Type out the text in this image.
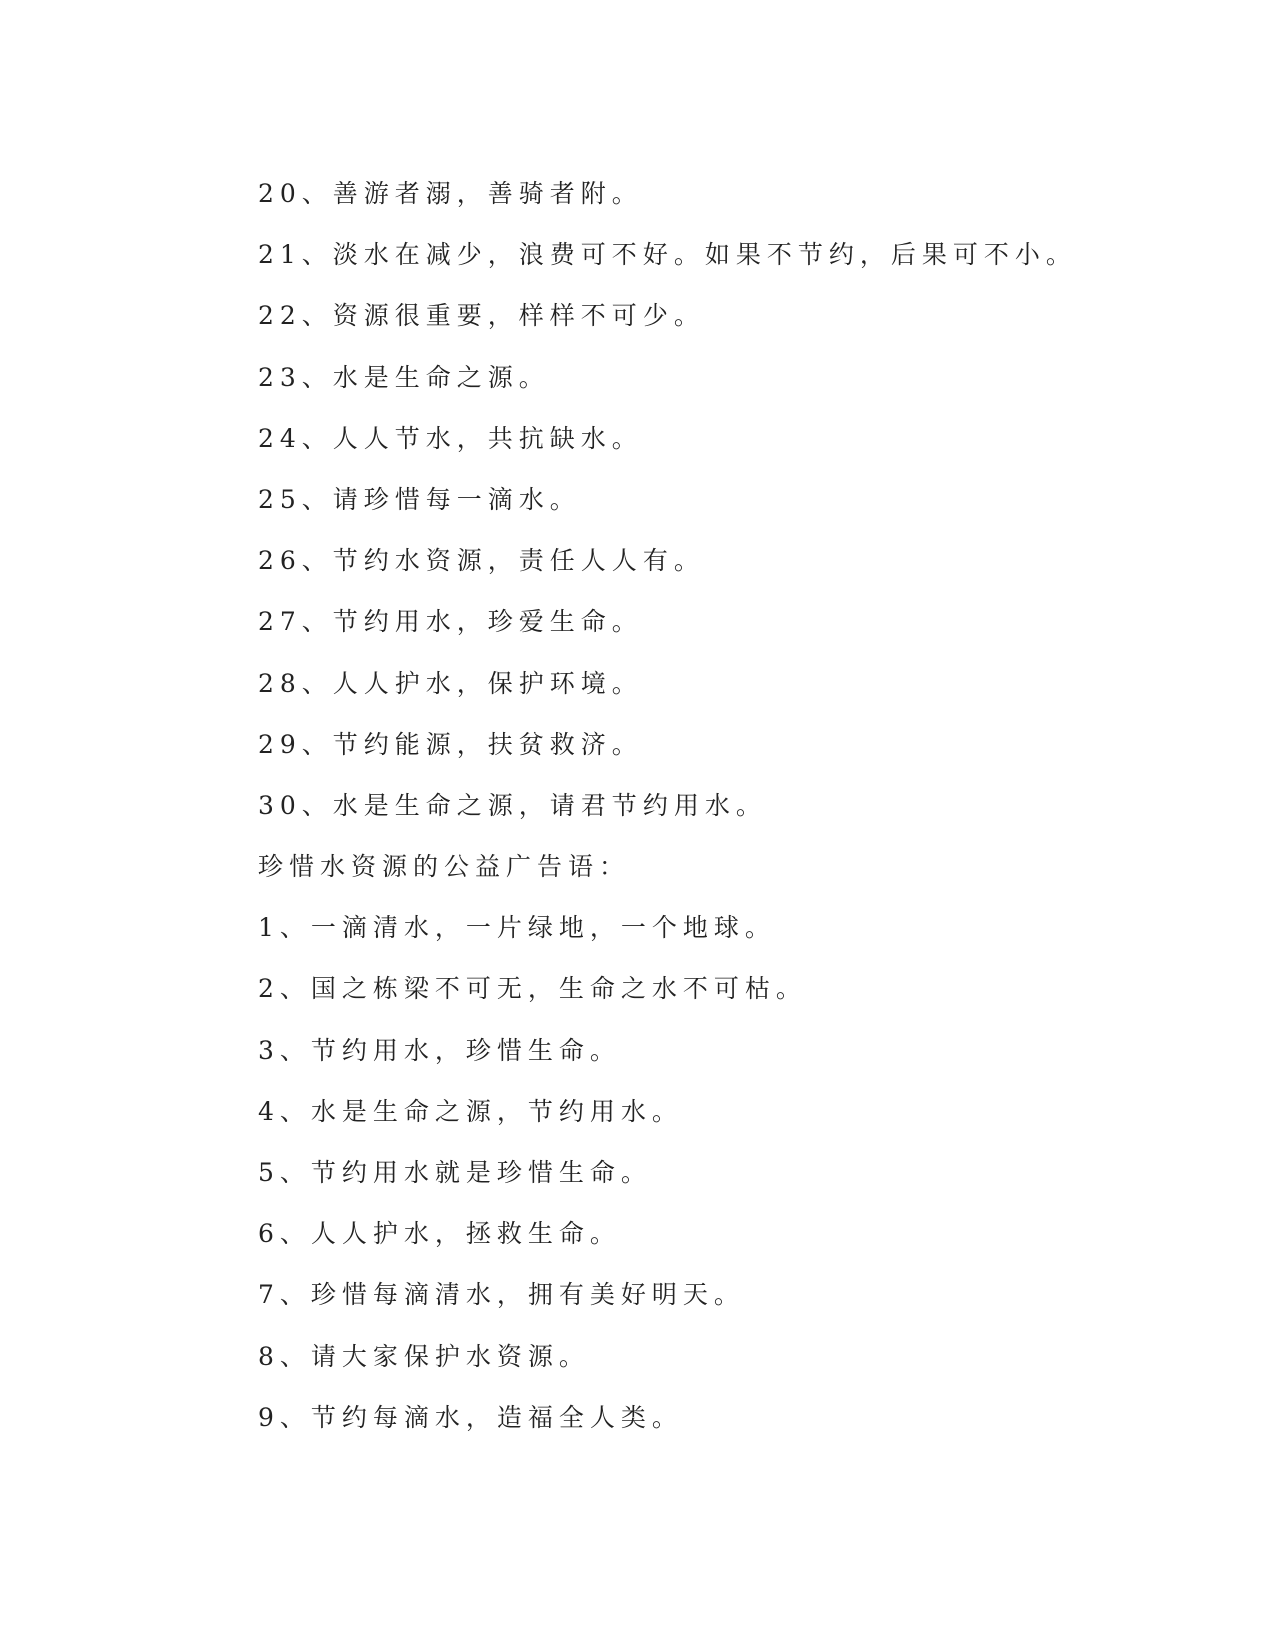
20、善游者溺，善骑者附。
21、淡水在减少，浪费可不好。如果不节约，后果可不小。
22、资源很重要，样样不可少。
23、水是生命之源。
24、人人节水，共抗缺水。
25、请珍惜每一滴水。
26、节约水资源，责任人人有。
27、节约用水，珍爱生命。
28、人人护水，保护环境。
29、节约能源，扶贫救济。
30、水是生命之源，请君节约用水。
珍惜水资源的公益广告语：
1、一滴清水，一片绿地，一个地球。
2、国之栋梁不可无，生命之水不可枯。
3、节约用水，珍惜生命。
4、水是生命之源，节约用水。
5、节约用水就是珍惜生命。
6、人人护水，拯救生命。
7、珍惜每滴清水，拥有美好明天。
8、请大家保护水资源。
9、节约每滴水，造福全人类。
